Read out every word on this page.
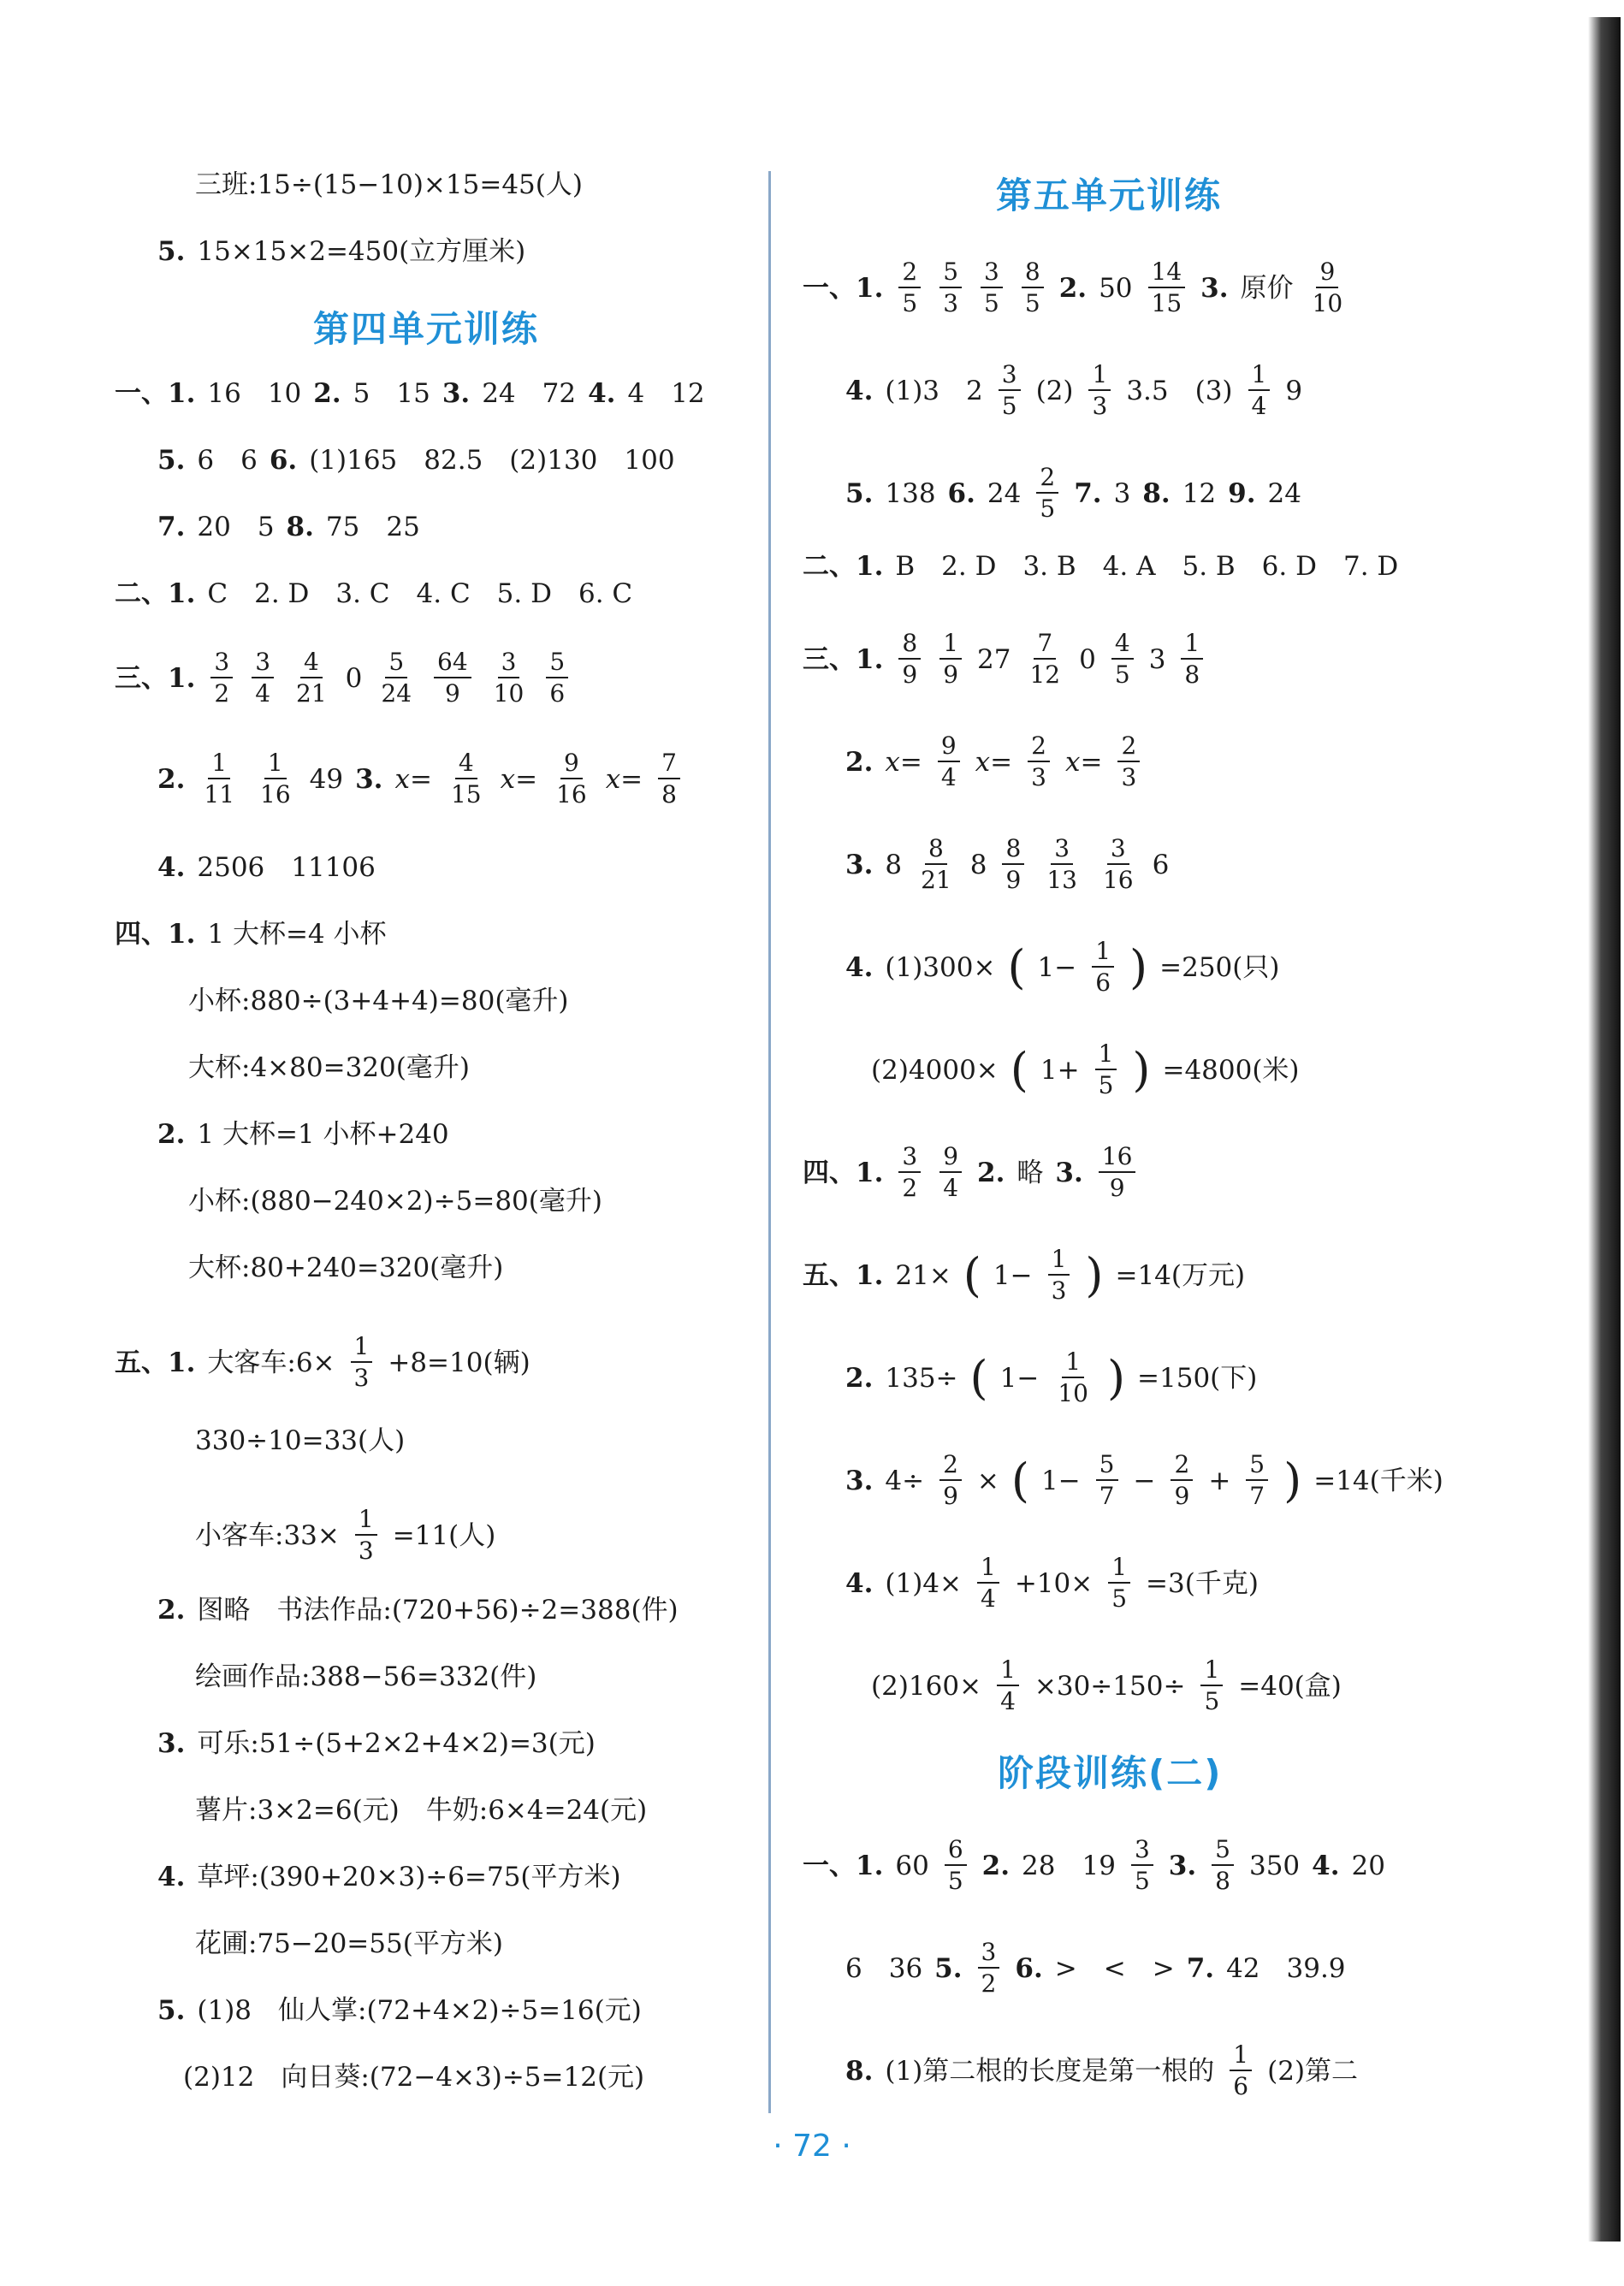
三班:15÷(15−10)×15=45(人)
5. 15×15×2=450(立方厘米)
第四单元训练
一、1. 16　10 2. 5　15 3. 24　72 4. 4　12
5. 6　6 6. (1)165　82.5　(2)130　100
7. 20　5 8. 75　25
二、1. C　2. D　3. C　4. C　5. D　6. C
三、1. $\frac{3}{2} \frac{3}{4} \frac{4}{21} 0 \frac{5}{24} \frac{64}{9} \frac{3}{10} \frac{5}{6}$
2. $\frac{1}{11} \frac{1}{16} 49$ 3. $x= \frac{4}{15} x= \frac{9}{16} x= \frac{7}{8}$
4. 2506　11106
四、1. 1 大杯=4 小杯
小杯:880÷(3+4+4)=80(毫升)
大杯:4×80=320(毫升)
2. 1 大杯=1 小杯+240
小杯:(880−240×2)÷5=80(毫升)
大杯:80+240=320(毫升)
五、1. 大客车:6× $\frac{1}{3} +8=10$(辆)
330÷10=33(人)
小客车:33× $\frac{1}{3} =11$(人)
2. 图略　书法作品:(720+56)÷2=388(件)
绘画作品:388−56=332(件)
3. 可乐:51÷(5+2×2+4×2)=3(元)
薯片:3×2=6(元)　牛奶:6×4=24(元)
4. 草坪:(390+20×3)÷6=75(平方米)
花圃:75−20=55(平方米)
5. (1)8　仙人掌:(72+4×2)÷5=16(元)
(2)12　向日葵:(72−4×3)÷5=12(元)
第五单元训练
一、1. $\frac{2}{5} \frac{5}{3} \frac{3}{5} \frac{8}{5} 2$. $50 \frac{14}{15} 3$. 原价 $\frac{9}{10}$
4. (1)3　$2 \frac{3}{5} (2) \frac{1}{3} 3.5$　$(3) \frac{1}{4} 9$
5. 138 6. $24 \frac{2}{5} 7$. 3 8. 12 9. 24
二、1. B　2. D　3. B　4. A　5. B　6. D　7. D
三、1. $\frac{8}{9} \frac{1}{9} 27 \frac{7}{12} 0 \frac{4}{5} 3 \frac{1}{8}$
2. $x= \frac{9}{4} x= \frac{2}{3} x= \frac{2}{3}$
3. $8 \frac{8}{21} 8 \frac{8}{9} \frac{3}{13} \frac{3}{16} 6$
4. (1)300× ( $1- \frac{1}{6}$ ) =250(只)
(2)4000× ( $1+ \frac{1}{5}$ ) =4800(米)
四、1. $\frac{3}{2} \frac{9}{4} 2$. 略 3. $\frac{16}{9}$
五、1. 21× ( $1- \frac{1}{3}$ ) =14(万元)
2. 135÷ ( $1- \frac{1}{10}$ ) =150(下)
3. $4\div \frac{2}{9}$ × ( $1- \frac{5}{7} - \frac{2}{9} + \frac{5}{7}$ ) =14(千米)
4. $(1)4\times \frac{1}{4} +10\times \frac{1}{5} =3$(千克)
$(2)160\times \frac{1}{4} \times 30\div 150\div \frac{1}{5} =40$(盒)
阶段训练(二)
一、1. $60 \frac{6}{5} 2$. 28　$19 \frac{3}{5} 3$. $\frac{5}{8} 350$ 4. 20
6　36 5. $\frac{3}{2} 6$. >　<　> 7. 42　39.9
8. (1)第二根的长度是第一根的 $\frac{1}{6} (2)$第二
· 72 ·
